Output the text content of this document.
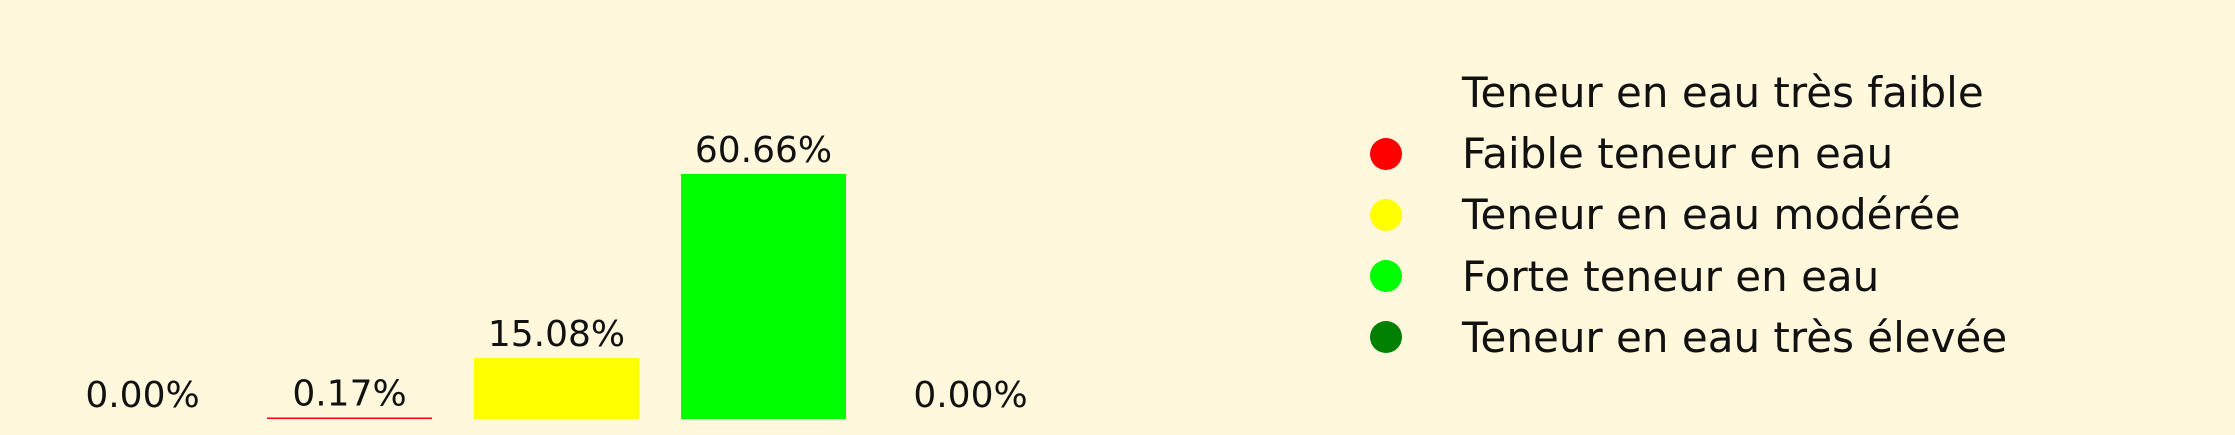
0.00%	0.17%
15.08%
60.66%
0.00%
Teneur en eau très faible
Faible teneur en eau
Teneur en eau modérée
Forte teneur en eau
Teneur en eau très élevée
